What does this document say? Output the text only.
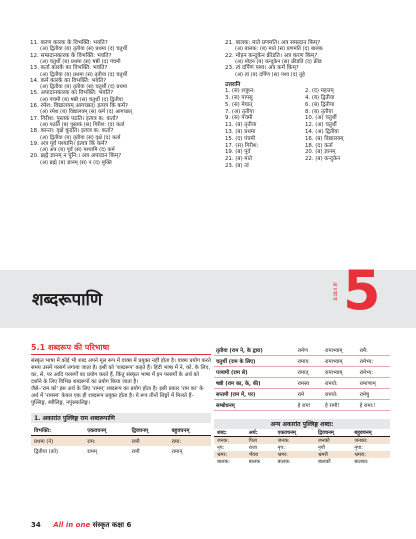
11. करण कारक के विभक्ति: भवति?
(अ) द्वितीया (ब) तृतीया (स) प्रथमा (द) चतुर्थी
12. सम्प्रदानकारक के विभक्ति: भवति?
(अ) चतुर्थी (ब) प्रथमा (स) षष्ठी (द) पंचमी
13. कर्ता कारके का विभक्ति: भवति?
(अ) द्वितीया (ब) प्रथमा (स) तृतीया (द) चतुर्थी
14. कर्म कारके का विभक्ति: भवति?
(अ) द्वितीया (ब) तृतीया (स) चतुर्थी (द) प्रथमा
15. अपादानकारक का विभक्ति: भवति?
(अ) पंचमी (ब) षष्ठी (स) चतुर्थी (द) द्वितीया
16. रमेश: विद्यालयम् आगच्छत्। इत्यत्र कि कर्म?
(अ) रमेश (ब) विद्यालयम् (स) कर्म (द) आगच्छत्
17. गिरीश: पुस्तकं पठति। इत्यत्र क: कर्ता?
(अ) पठति (ब) पुस्तकं (स) गिरीश: (द) कर्ता
18. कान्ता: वृक्षे कूदति। इत्यत्र क: कर्ता?
(अ) द्वितीया (ब) तृतीया (स) वृक्षे (द) कर्ता
19. अत्र पूर्वं पश्यामि। इत्यत्र किं कर्म?
(अ) अत्र (ब) पूर्वं (स) पश्यामि (द) कर्म
20. ब्रह्मे ज्ञानम् न पुनि:। अत्र अपादान किम्?
(अ) ब्रह्मे (ब) ज्ञानम् (स) न (द) मुक्ति
21. बालक: माते प्रणमति। अत्र सम्प्रदान किम्?
(अ) बालक: (ब) माते (स) प्रणमति (द) बालक
22. मोहन कन्दुकेन क्रीडति। अत्र करण किम्?
(अ) मोहन (ब) कन्दुकेन (स) क्रीडति (द) क्रीड
23. त्वं दर्पिणं पश्य। अत्र कर्म किम्?
(अ) त्वं (ब) दर्पिण (स) पश्य (द) तुहे
उत्तरानि
1. (स) शत्रुध्न:	2. (द) महत्तम्
3. (स) पापसु	4. (ब) द्वितीया
5. (स) मेघात्	6. (ब) द्वितीया
7. (अ) तृतीया	8. (ब) तृतीया
9. (स) पंचमी	10. (अ) चतुर्थी
11. (ब) तृतीया	12. (अ) चतुर्थी
13. (ब) प्रथमा	14. (अ) द्वितीया
15. (द) पंचमी	16. (ब) विद्यालयम्
17. (स) गिरीश:	18. (द) कर्ता
19. (ब) पूर्व	20. (ब) ज्ञानम्
21. (ब) माते	22. (ब) कन्दुकेन
23. (ब) त्वं
शब्दरूपाणि	अध्याय 5
5.1 शब्दरूप की परिभाषा
संस्कृत भाषा में कोई भी शब्द अपने मूल रूप में वाक्य में प्रयुक्त नहीं होता है। वाक्य प्रयोग करते समय उसमें परसर्ग लगाया जाता है। इसी को 'शब्दरूप' कहते हैं। हिंदी भाषा में ने, को, के लिए, का, से, पर आदि परसर्गों का प्रयोग करते हैं, किंतु संस्कृत भाषा में इन परसर्गों के अर्थ को दर्शाने के लिए विभिन्न शब्दरूपों का प्रयोग किया जाता है।
जैसे–'राम को' इस अर्थ के लिए 'रामम्' शब्दरूप का प्रयोग होता है। इसी प्रकार 'राम का' के अर्थ में 'रामस्य' केवल एक ही शब्दरूप प्रयुक्त होता है। ये रूप तीनों लिङ्गों में मिलते हैं– पुल्लिङ्ग, स्त्रीलिङ्ग, नपुंसकलिङ्ग।
1. अकारांत पुल्लिङ्ग राम शब्दरूपाणि
विभक्ति:	एकवचनम्	द्विवचनम्	बहुवचनम्
प्रथमा (ने)	राम:	रामौ	रामा:
द्वितीया (को)	रामम्	रामौ	रामान्
तृतीया (राम ने, के द्वारा)	रामेण	रामाभ्याम्	रामै:
चतुर्थी (राम के लिए)	रामाय	रामाभ्याम्	रामेभ्य:
पञ्चमी (राम से)	रामात्	रामाभ्याम्	रामेभ्य:
षष्ठी (राम का, के, की)	रामस्य	रामयो:	रामाणाम्
सप्तमी (राम में, पर)	रामे	रामयो:	रामेषु
सम्बोधनम्	हे राम!	हे रामौ!	हे रामा:!
अन्य अकारांत पुल्लिङ्ग शब्दा:
शब्द:	अर्थ:	एकवचनम्	द्विवचनम्	बहुवचनम्
जनक:	पिता	जनक:	जनकौ	जनका:
नृप:	राजा	नृप:	नृपौ	नृपा:
भ्रमर:	भँवरा	भ्रमर:	भ्रमरौ	भ्रमरा:
बालक:	बालक	बालक:	बालकौ	बालका:
34 All in one संस्कृत कक्षा 6
